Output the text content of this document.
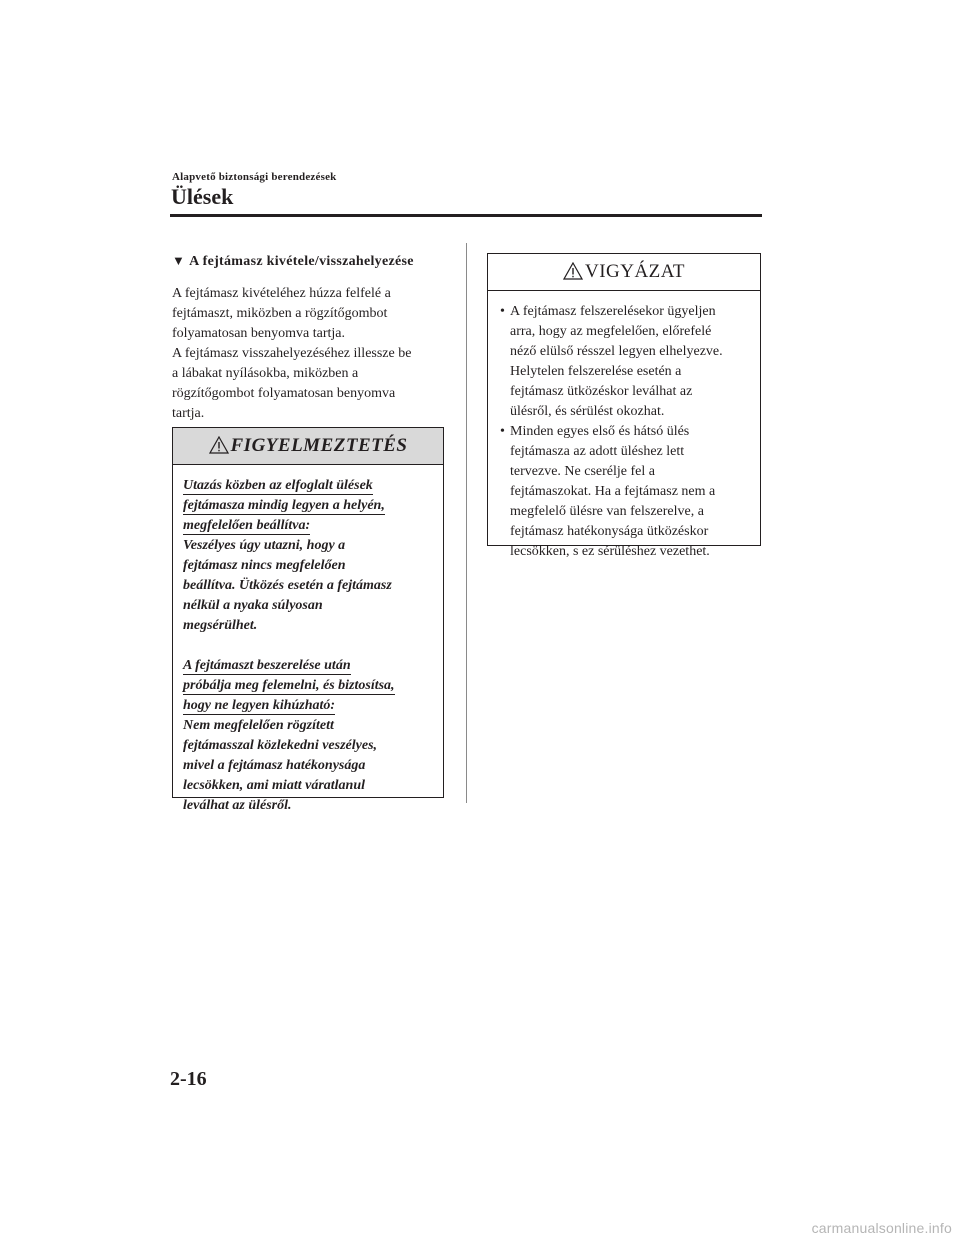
Alapvető biztonsági berendezések
Ülések
▼ A fejtámasz kivétele/visszahelyezése
A fejtámasz kivételéhez húzza felfelé a
fejtámaszt, miközben a rögzítőgombot
folyamatosan benyomva tartja.
A fejtámasz visszahelyezéséhez illessze be
a lábakat nyílásokba, miközben a
rögzítőgombot folyamatosan benyomva
tartja.
FIGYELMEZTETÉS
Utazás közben az elfoglalt ülések
fejtámasza mindig legyen a helyén,
megfelelően beállítva:

Veszélyes úgy utazni, hogy a

fejtámasz nincs megfelelően

beállítva. Ütközés esetén a fejtámasz

nélkül a nyaka súlyosan

megsérülhet.

A fejtámaszt beszerelése után
próbálja meg felemelni, és biztosítsa,
hogy ne legyen kihúzható:

Nem megfelelően rögzített

fejtámasszal közlekedni veszélyes,

mivel a fejtámasz hatékonysága

lecsökken, ami miatt váratlanul

leválhat az ülésről.

VIGYÁZAT
• A fejtámasz felszerelésekor ügyeljen
arra, hogy az megfelelően, előrefelé
néző elülső résszel legyen elhelyezve.
Helytelen felszerelése esetén a
fejtámasz ütközéskor leválhat az
ülésről, és sérülést okozhat.
• Minden egyes első és hátsó ülés
fejtámasza az adott üléshez lett
tervezve. Ne cserélje fel a
fejtámaszokat. Ha a fejtámasz nem a
megfelelő ülésre van felszerelve, a
fejtámasz hatékonysága ütközéskor
lecsökken, s ez sérüléshez vezethet.
2-16
carmanualsonline.info
